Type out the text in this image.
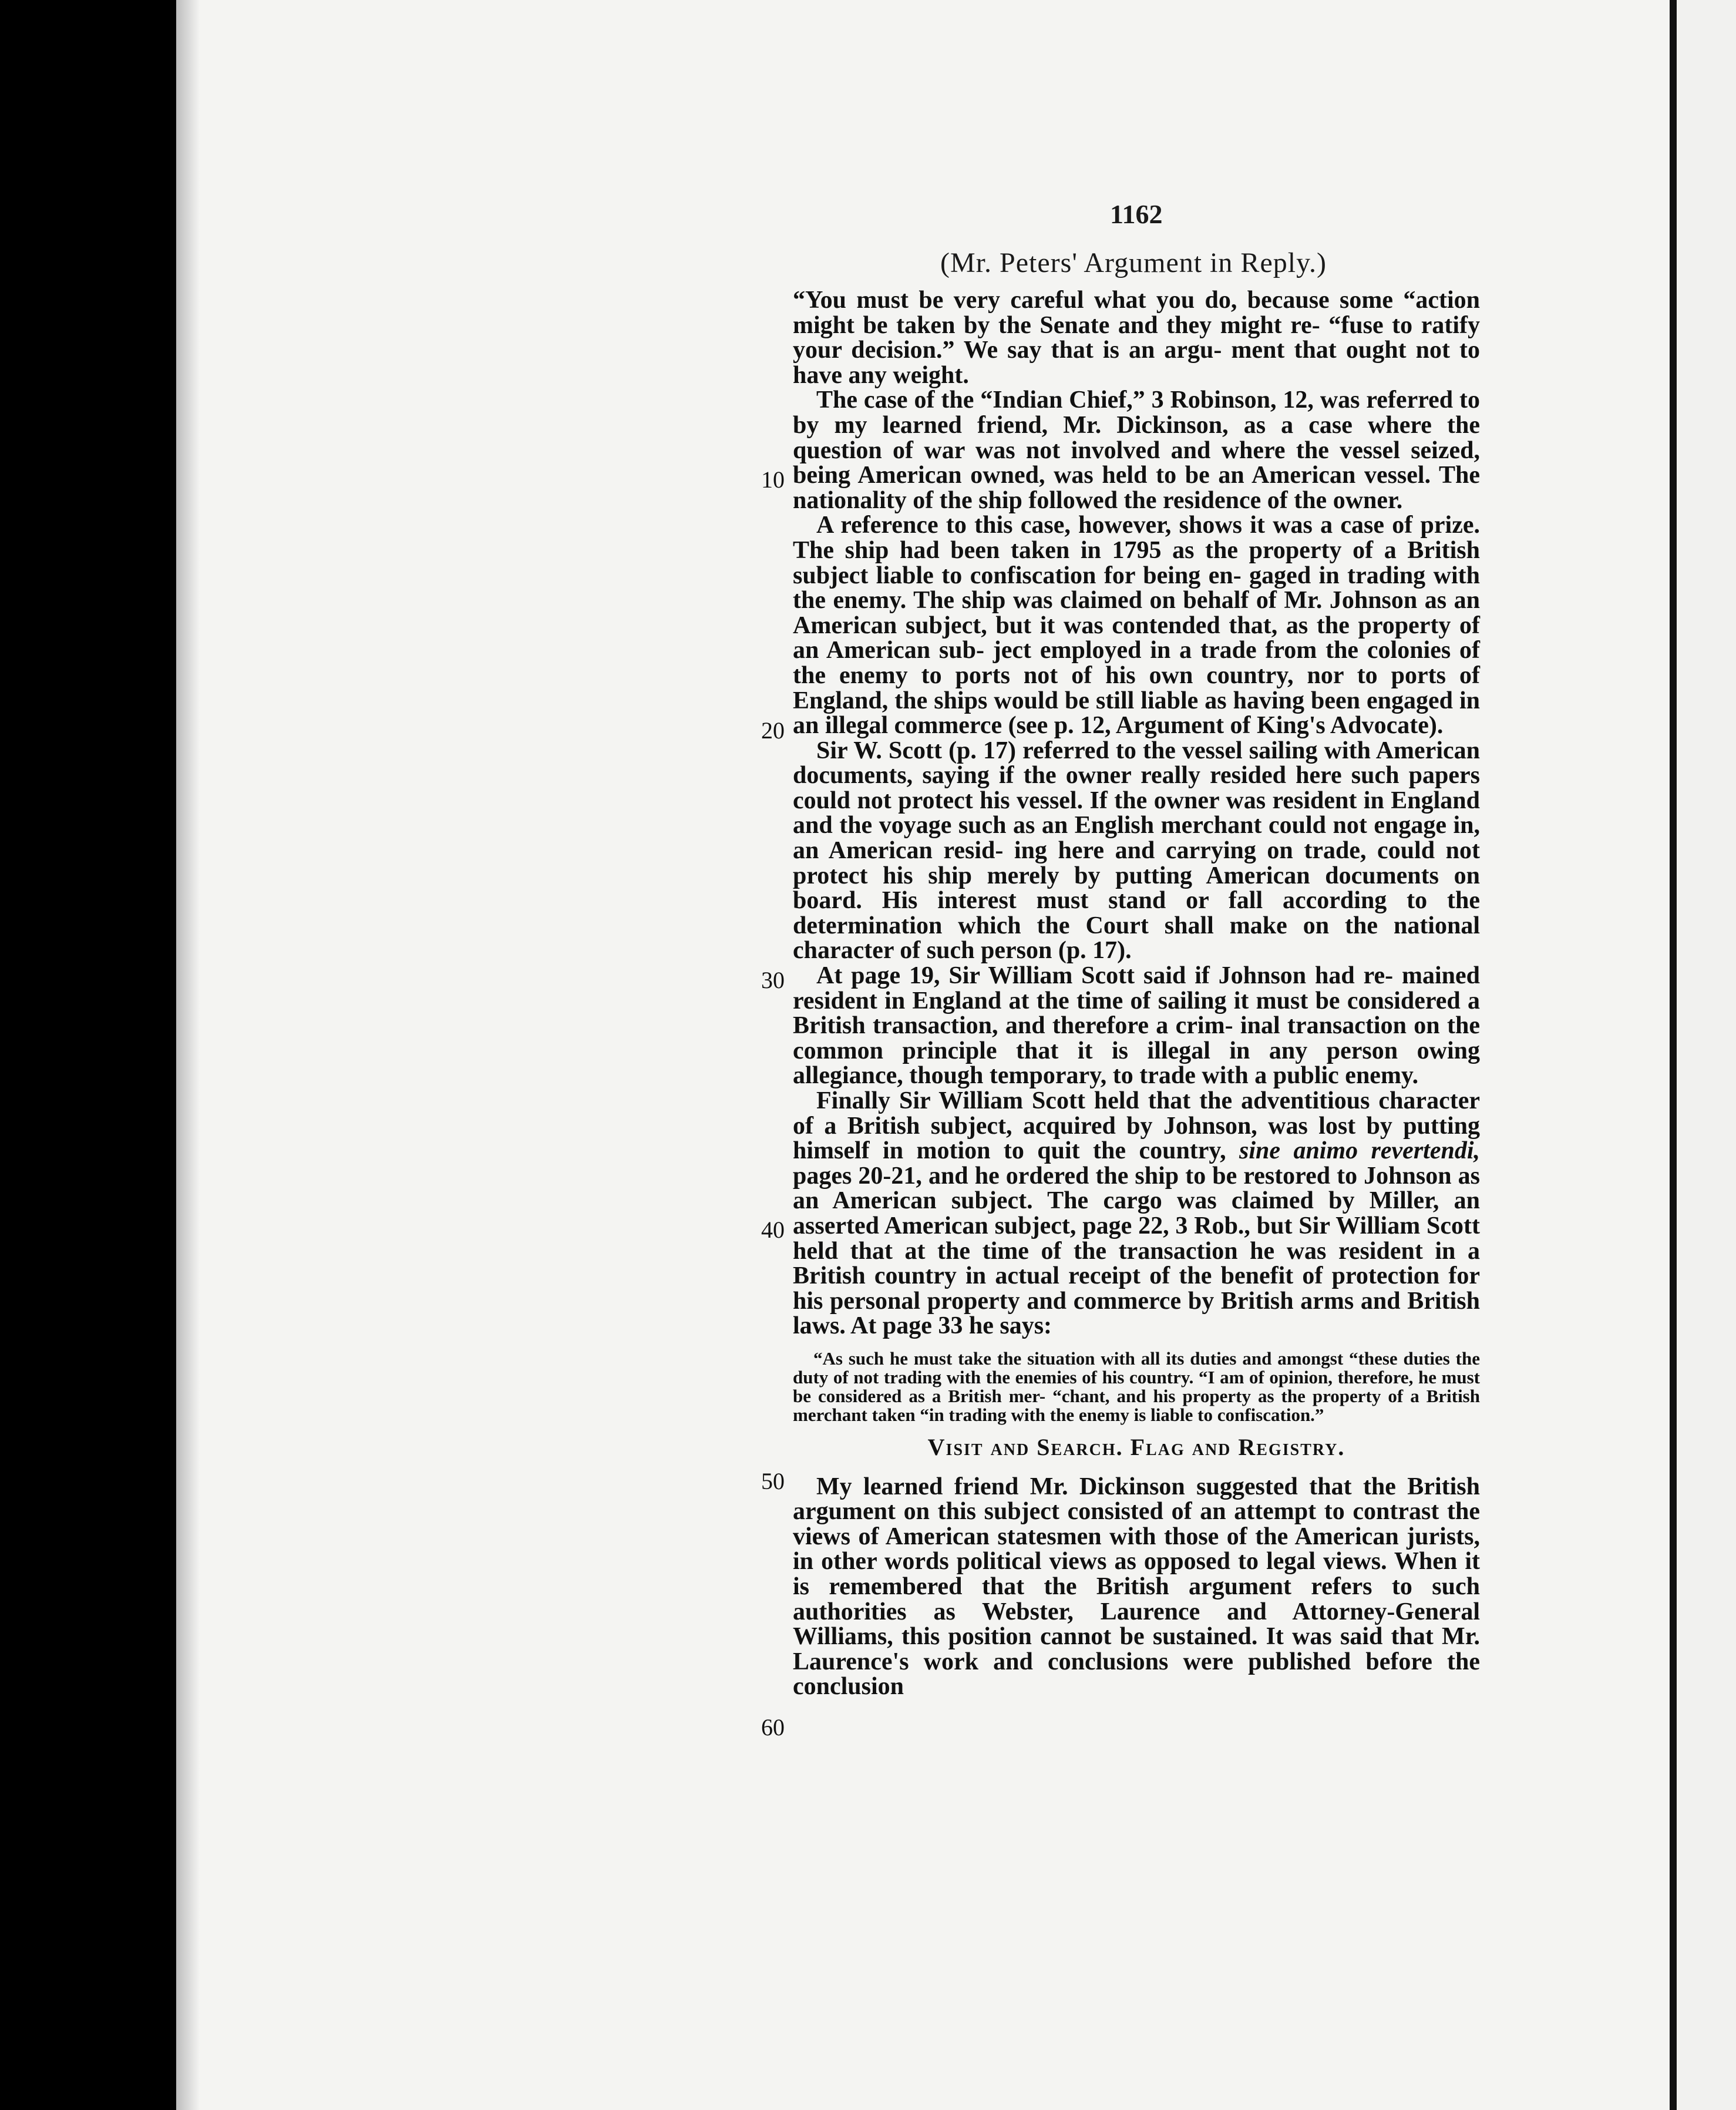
1162
(Mr. Peters' Argument in Reply.)
10
20
30
40
50
60

“You must be very careful what you do, because some “action might be taken by the Senate and they might re- “fuse to ratify your decision.” We say that is an argu- ment that ought not to have any weight.

The case of the “Indian Chief,” 3 Robinson, 12, was referred to by my learned friend, Mr. Dickinson, as a case where the question of war was not involved and where the vessel seized, being American owned, was held to be an American vessel. The nationality of the ship followed the residence of the owner.

A reference to this case, however, shows it was a case of prize. The ship had been taken in 1795 as the property of a British subject liable to confiscation for being en- gaged in trading with the enemy. The ship was claimed on behalf of Mr. Johnson as an American subject, but it was contended that, as the property of an American sub- ject employed in a trade from the colonies of the enemy to ports not of his own country, nor to ports of England, the ships would be still liable as having been engaged in an illegal commerce (see p. 12, Argument of King's Advocate).

Sir W. Scott (p. 17) referred to the vessel sailing with American documents, saying if the owner really resided here such papers could not protect his vessel. If the owner was resident in England and the voyage such as an English merchant could not engage in, an American resid- ing here and carrying on trade, could not protect his ship merely by putting American documents on board. His interest must stand or fall according to the determination which the Court shall make on the national character of such person (p. 17).

At page 19, Sir William Scott said if Johnson had re- mained resident in England at the time of sailing it must be considered a British transaction, and therefore a crim- inal transaction on the common principle that it is illegal in any person owing allegiance, though temporary, to trade with a public enemy.

Finally Sir William Scott held that the adventitious character of a British subject, acquired by Johnson, was lost by putting himself in motion to quit the country, sine animo revertendi, pages 20-21, and he ordered the ship to be restored to Johnson as an American subject. The cargo was claimed by Miller, an asserted American subject, page 22, 3 Rob., but Sir William Scott held that at the time of the transaction he was resident in a British country in actual receipt of the benefit of protection for his personal property and commerce by British arms and British laws. At page 33 he says:

“As such he must take the situation with all its duties and amongst “these duties the duty of not trading with the enemies of his country. “I am of opinion, therefore, he must be considered as a British mer- “chant, and his property as the property of a British merchant taken “in trading with the enemy is liable to confiscation.”

Visit and Search. Flag and Registry.

My learned friend Mr. Dickinson suggested that the British argument on this subject consisted of an attempt to contrast the views of American statesmen with those of the American jurists, in other words political views as opposed to legal views. When it is remembered that the British argument refers to such authorities as Webster, Laurence and Attorney-General Williams, this position cannot be sustained. It was said that Mr. Laurence's work and conclusions were published before the conclusion
